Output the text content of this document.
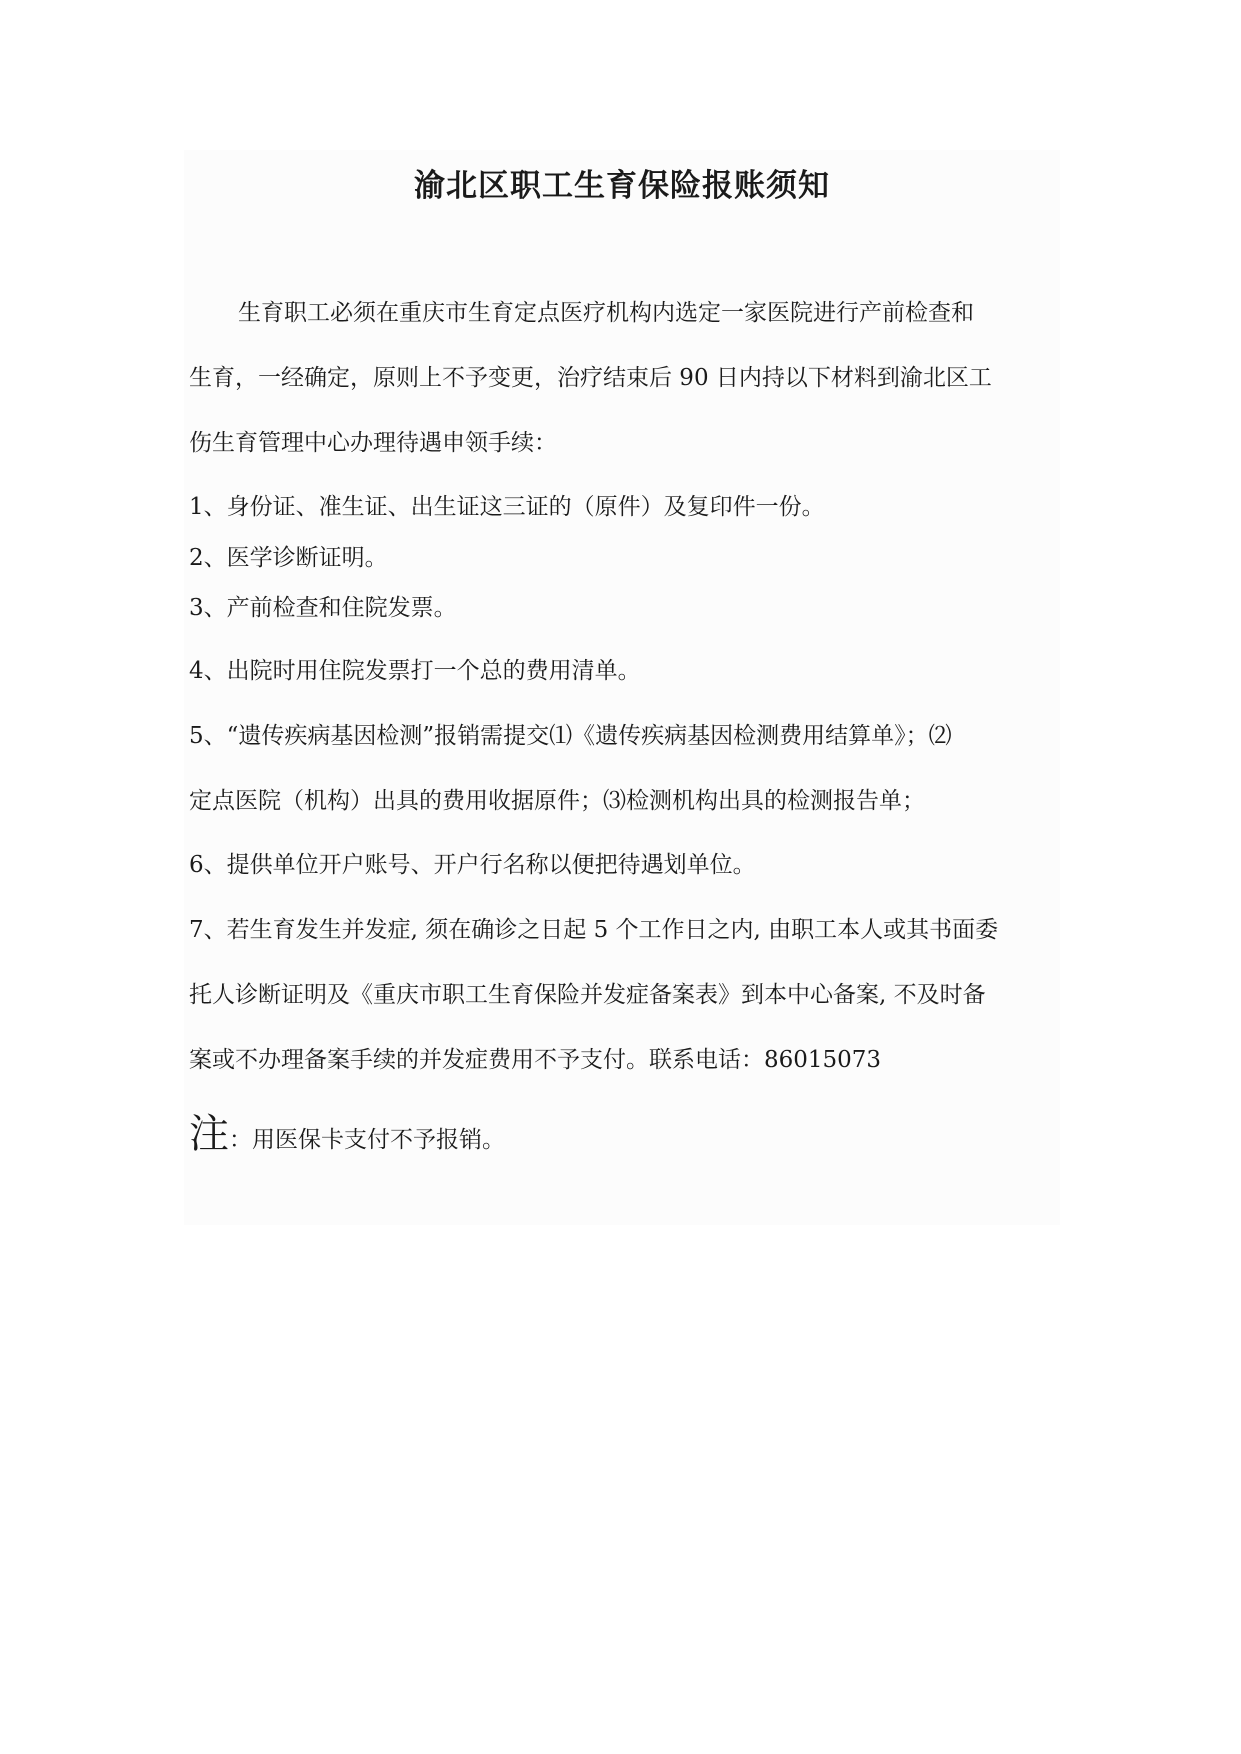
渝北区职工生育保险报账须知
生育职工必须在重庆市生育定点医疗机构内选定一家医院进行产前检查和
生育，一经确定，原则上不予变更，治疗结束后 90 日内持以下材料到渝北区工
伤生育管理中心办理待遇申领手续：
1、身份证、准生证、出生证这三证的（原件）及复印件一份。
2、医学诊断证明。
3、产前检查和住院发票。
4、出院时用住院发票打一个总的费用清单。
5、“遗传疾病基因检测”报销需提交⑴《遗传疾病基因检测费用结算单》；⑵
定点医院（机构）出具的费用收据原件；⑶检测机构出具的检测报告单；
6、提供单位开户账号、开户行名称以便把待遇划单位。
7、若生育发生并发症, 须在确诊之日起 5 个工作日之内, 由职工本人或其书面委
托人诊断证明及《重庆市职工生育保险并发症备案表》到本中心备案, 不及时备
案或不办理备案手续的并发症费用不予支付。联系电话：86015073
注：用医保卡支付不予报销。
